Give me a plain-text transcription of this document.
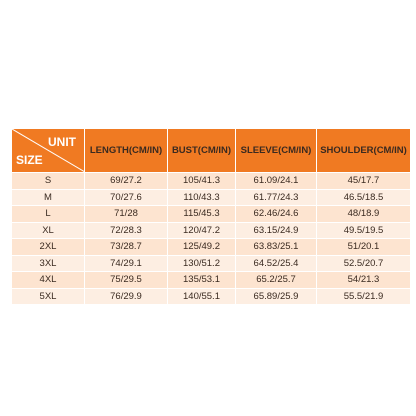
UNIT
SIZE	LENGTH(CM/IN)	BUST(CM/IN)	SLEEVE(CM/IN)	SHOULDER(CM/IN)
S	69/27.2	105/41.3	61.09/24.1	45/17.7
M	70/27.6	110/43.3	61.77/24.3	46.5/18.5
L	71/28	115/45.3	62.46/24.6	48/18.9
XL	72/28.3	120/47.2	63.15/24.9	49.5/19.5
2XL	73/28.7	125/49.2	63.83/25.1	51/20.1
3XL	74/29.1	130/51.2	64.52/25.4	52.5/20.7
4XL	75/29.5	135/53.1	65.2/25.7	54/21.3
5XL	76/29.9	140/55.1	65.89/25.9	55.5/21.9
